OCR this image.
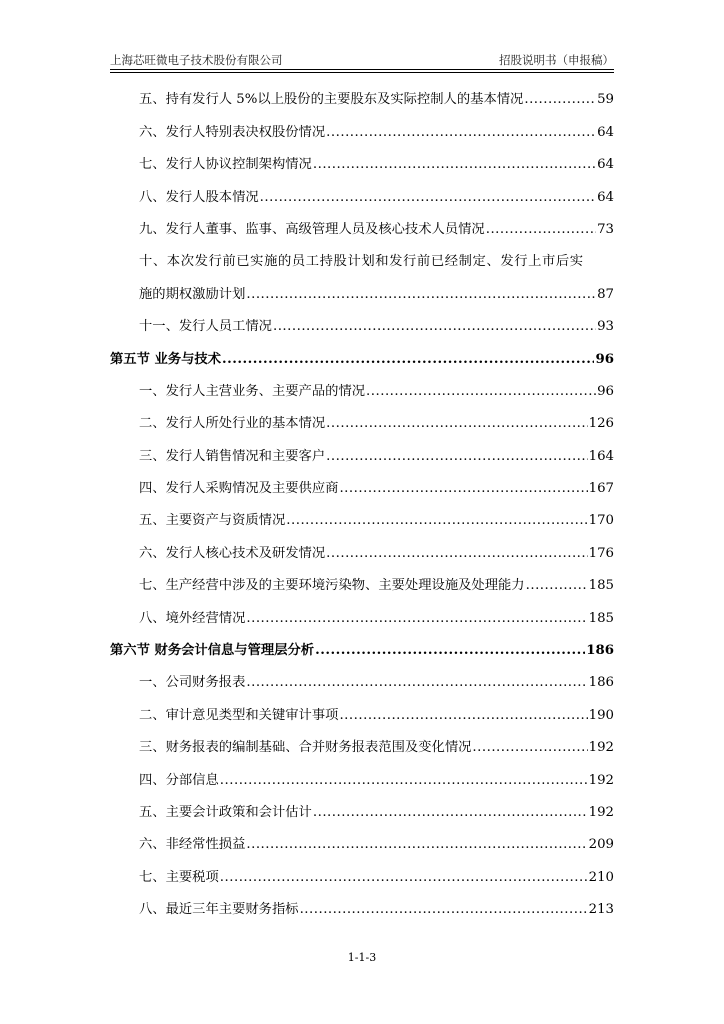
上海芯旺微电子技术股份有限公司	招股说明书（申报稿）
五、持有发行人 5%以上股份的主要股东及实际控制人的基本情况 .....	59
六、发行人特别表决权股份情况 .....	64
七、发行人协议控制架构情况 .....	64
八、发行人股本情况 .....	64
九、发行人董事、监事、高级管理人员及核心技术人员情况 .....	73
十、本次发行前已实施的员工持股计划和发行前已经制定、发行上市后实
施的期权激励计划 .....	87
十一、发行人员工情况 .....	93
第五节 业务与技术 .....	96
一、发行人主营业务、主要产品的情况 .....	96
二、发行人所处行业的基本情况 .....	126
三、发行人销售情况和主要客户 .....	164
四、发行人采购情况及主要供应商 .....	167
五、主要资产与资质情况 .....	170
六、发行人核心技术及研发情况 .....	176
七、生产经营中涉及的主要环境污染物、主要处理设施及处理能力 .....	185
八、境外经营情况 .....	185
第六节 财务会计信息与管理层分析 .....	186
一、公司财务报表 .....	186
二、审计意见类型和关键审计事项 .....	190
三、财务报表的编制基础、合并财务报表范围及变化情况 .....	192
四、分部信息 .....	192
五、主要会计政策和会计估计 .....	192
六、非经常性损益 .....	209
七、主要税项 .....	210
八、最近三年主要财务指标 .....	213
1-1-3
